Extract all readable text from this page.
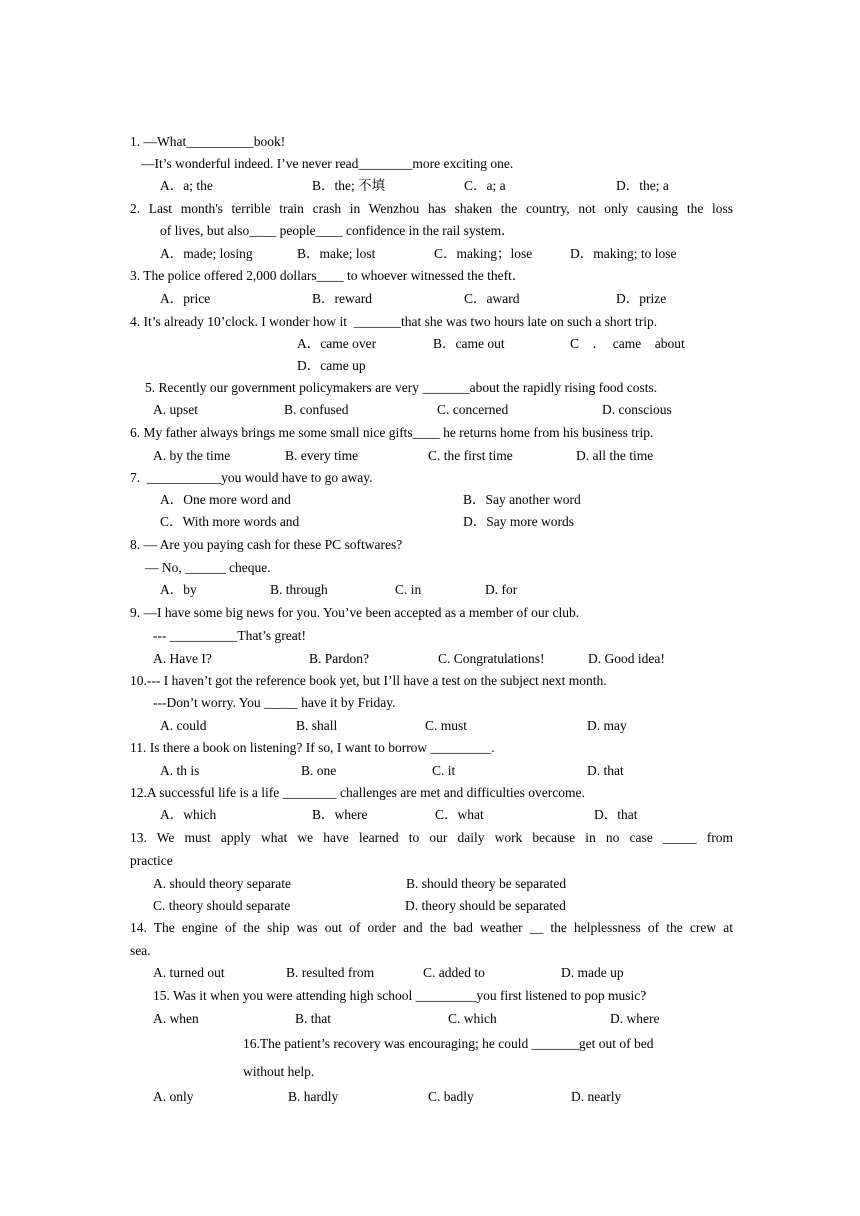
1. —What__________book!
—It’s wonderful indeed. I’ve never read________more exciting one.
A．a; the	B．the; 不填	C．a; a	D．the; a
2. Last month's terrible train crash in Wenzhou has shaken the country, not only causing the loss
of lives, but also____ people____ confidence in the rail system．
A．made; losing	B．make; lost	C．making；lose	D．making; to lose
3. The police offered 2,000 dollars____ to whoever witnessed the theft．
A．price	B．reward	C．award	D．prize
4. It’s already 10’clock. I wonder how it  _______that she was two hours late on such a short trip.
A．came over	B．came out	C　．　came　about
D．came up
5. Recently our government policymakers are very _______about the rapidly rising food costs.
A. upset	B. confused	C. concerned	D. conscious
6. My father always brings me some small nice gifts____ he returns home from his business trip.
A. by the time	B. every time	C. the first time	D. all the time
7.  ___________you would have to go away.
A．One more word and	B．Say another word
C．With more words and	D．Say more words
8. — Are you paying cash for these PC softwares?
— No, ______ cheque.
A．by	B. through	C. in	D. for
9. —I have some big news for you. You’ve been accepted as a member of our club.
--- __________That’s great!
A. Have I?	B. Pardon?	C. Congratulations!	D. Good idea!
10.--- I haven’t got the reference book yet, but I’ll have a test on the subject next month.
---Don’t worry. You _____ have it by Friday.
A. could	B. shall	C. must	D. may
11. Is there a book on listening? If so, I want to borrow _________.
A. th is	B. one	C. it	D. that
12.A successful life is a life ________ challenges are met and difficulties overcome.
A．which	B．where	C．what	D．that
13. We must apply what we have learned to our daily work because in no case _____ from
practice
A. should theory separate	B. should theory be separated
C. theory should separate	D. theory should be separated
14. The engine of the ship was out of order and the bad weather __ the helplessness of the crew at
sea.
A. turned out	B. resulted from	C. added to	D. made up
15. Was it when you were attending high school _________you first listened to pop music?
A. when	B. that	C. which	D. where
16.The patient’s recovery was encouraging; he could _______get out of bed
without help.
A. only	B. hardly	C. badly	D. nearly
